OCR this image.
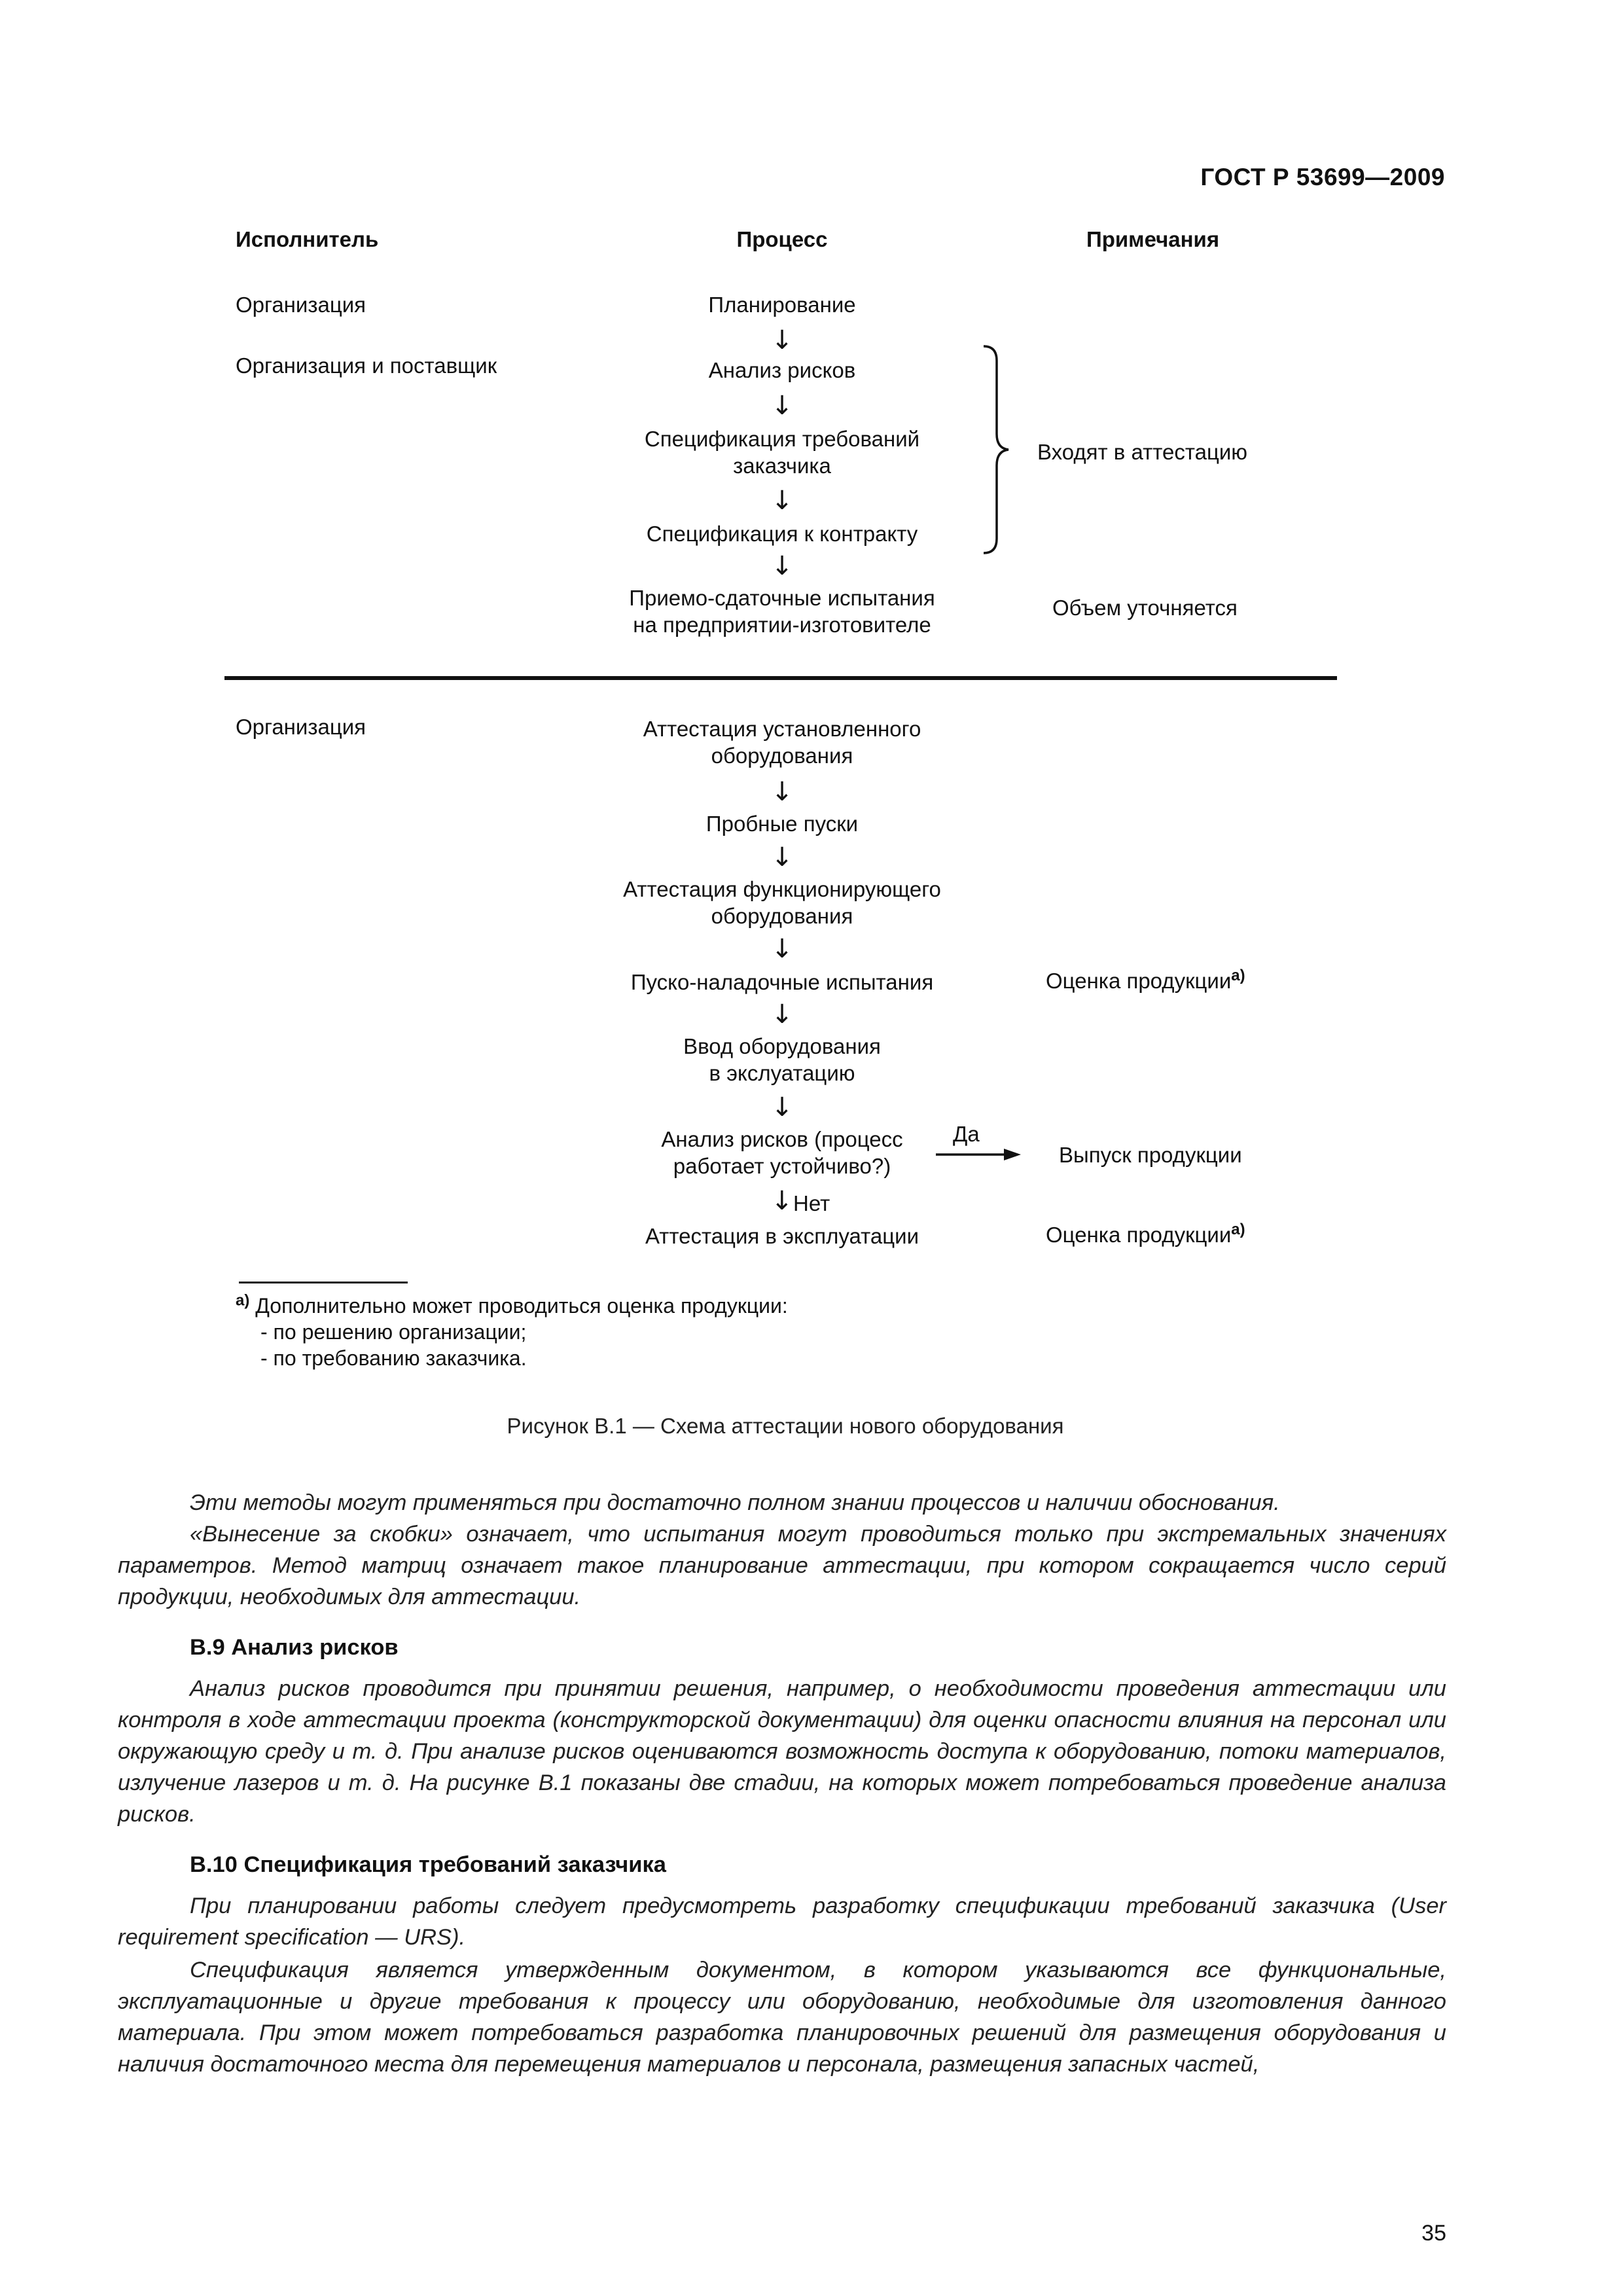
ГОСТ Р 53699—2009
Исполнитель	Процесс	Примечания
Организация
Организация и поставщик
Организация
Планирование
↓
Анализ рисков
↓
Спецификация требований
заказчика
↓
Спецификация к контракту
↓
Приемо-сдаточные испытания
на предприятии-изготовителе
Входят в аттестацию
Объем уточняется
Аттестация установленного
оборудования
↓
Пробные пуски
↓
Аттестация функционирующего
оборудования
↓
Пуско-наладочные испытания
↓
Ввод оборудования
в экслуатацию
↓
Анализ рисков (процесс
работает устойчиво?)
↓ Нет
Аттестация в эксплуатации
Да
Оценка продукции$^{а)}$
Выпуск продукции
Оценка продукции$^{а)}$
$^{а)}$ Дополнительно может проводиться оценка продукции:
- по решению организации;
- по требованию заказчика.
Рисунок В.1 — Схема аттестации нового оборудования
Эти методы могут применяться при достаточно полном знании процессов и наличии обоснования.
«Вынесение за скобки» означает, что испытания могут проводиться только при экстремальных значениях параметров. Метод матриц означает такое планирование аттестации, при котором сокращается число серий продукции, необходимых для аттестации.
В.9 Анализ рисков
Анализ рисков проводится при принятии решения, например, о необходимости проведения аттестации или контроля в ходе аттестации проекта (конструкторской документации) для оценки опасности влияния на персонал или окружающую среду и т. д. При анализе рисков оцениваются возможность доступа к оборудованию, потоки материалов, излучение лазеров и т. д. На рисунке В.1 показаны две стадии, на которых может потребоваться проведение анализа рисков.
В.10 Спецификация требований заказчика
При планировании работы следует предусмотреть разработку спецификации требований заказчика (User requirement specification — URS).
Спецификация является утвержденным документом, в котором указываются все функциональные, эксплуатационные и другие требования к процессу или оборудованию, необходимые для изготовления данного материала. При этом может потребоваться разработка планировочных решений для размещения оборудования и наличия достаточного места для перемещения материалов и персонала, размещения запасных частей,
35
